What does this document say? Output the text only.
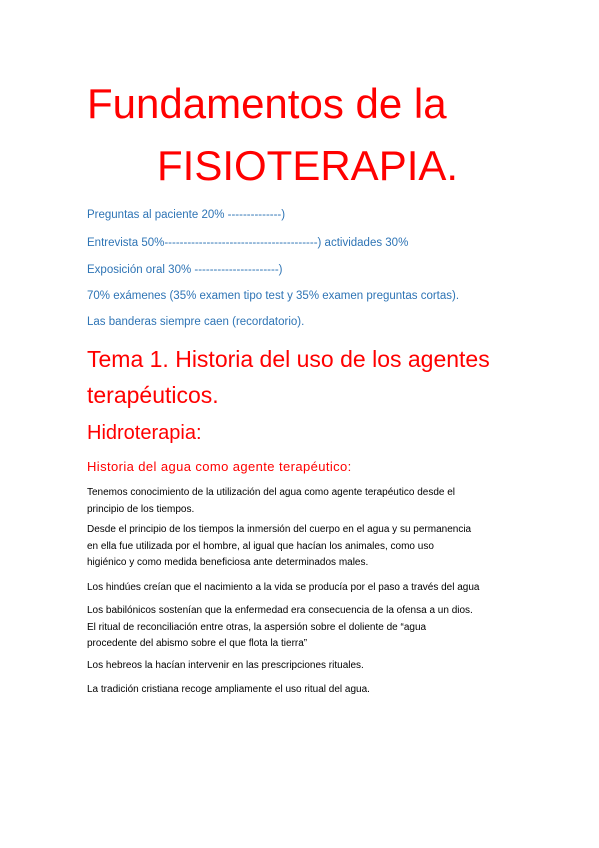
Fundamentos de la
FISIOTERAPIA.
Preguntas al paciente 20% --------------)
Entrevista 50%----------------------------------------) actividades 30%
Exposición oral 30% ----------------------)
70% exámenes (35% examen tipo test y 35% examen preguntas cortas).
Las banderas siempre caen (recordatorio).
Tema 1. Historia del uso de los agentes
terapéuticos.
Hidroterapia:
Historia del agua como agente terapéutico:
Tenemos conocimiento de la utilización del agua como agente terapéutico desde el
principio de los tiempos.
Desde el principio de los tiempos la inmersión del cuerpo en el agua y su permanencia
en ella fue utilizada por el hombre, al igual que hacían los animales, como uso
higiénico y como medida beneficiosa ante determinados males.
Los hindúes creían que el nacimiento a la vida se producía por el paso a través del agua
Los babilónicos sostenían que la enfermedad era consecuencia de la ofensa a un dios.
El ritual de reconciliación entre otras, la aspersión sobre el doliente de “agua
procedente del abismo sobre el que flota la tierra”
Los hebreos la hacían intervenir en las prescripciones rituales.
La tradición cristiana recoge ampliamente el uso ritual del agua.
